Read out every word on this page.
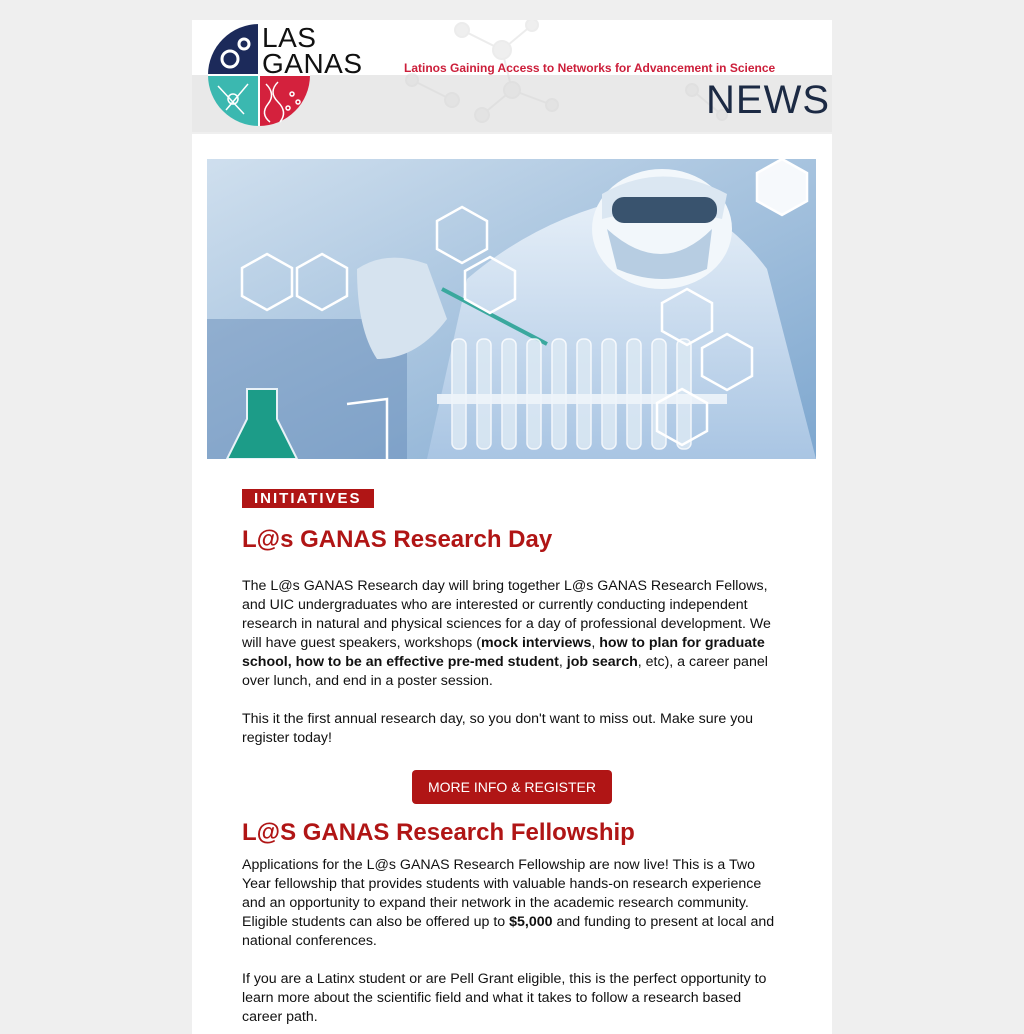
LAS
GANAS	Latinos Gaining Access to Networks for Advancement in Science
NEWS
INITIATIVES
L@s GANAS Research Day

The L@s GANAS Research day will bring together L@s GANAS Research Fellows, and UIC undergraduates who are interested or currently conducting independent research in natural and physical sciences for a day of professional development. We will have guest speakers, workshops (mock interviews, how to plan for graduate school, how to be an effective pre-med student, job search, etc), a career panel over lunch, and end in a poster session.

This it the first annual research day, so you don't want to miss out. Make sure you register today!

MORE INFO & REGISTER
L@S GANAS Research Fellowship

Applications for the L@s GANAS Research Fellowship are now live! This is a Two Year fellowship that provides students with valuable hands-on research experience and an opportunity to expand their network in the academic research community. Eligible students can also be offered up to $5,000 and funding to present at local and national conferences.

If you are a Latinx student or are Pell Grant eligible, this is the perfect opportunity to learn more about the scientific field and what it takes to follow a research based career path.
